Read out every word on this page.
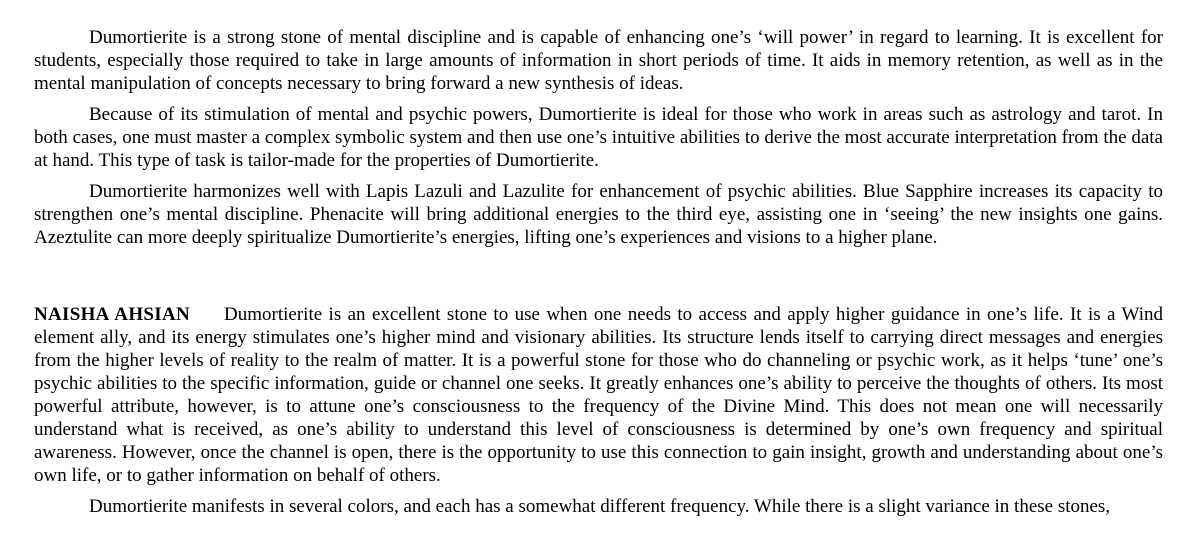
Dumortierite is a strong stone of mental discipline and is capable of enhancing one’s ‘will power’ in regard to learning. It is excellent for students, especially those required to take in large amounts of information in short periods of time. It aids in memory retention, as well as in the mental manipulation of concepts necessary to bring forward a new synthesis of ideas.

Because of its stimulation of mental and psychic powers, Dumortierite is ideal for those who work in areas such as astrology and tarot. In both cases, one must master a complex symbolic system and then use one’s intuitive abilities to derive the most accurate interpretation from the data at hand. This type of task is tailor-made for the properties of Dumortierite.

Dumortierite harmonizes well with Lapis Lazuli and Lazulite for enhancement of psychic abilities. Blue Sapphire increases its capacity to strengthen one’s mental discipline. Phenacite will bring additional energies to the third eye, assisting one in ‘seeing’ the new insights one gains. Azeztulite can more deeply spiritualize Dumortierite’s energies, lifting one’s experiences and visions to a higher plane.

NAISHA AHSIAN Dumortierite is an excellent stone to use when one needs to access and apply higher guidance in one’s life. It is a Wind element ally, and its energy stimulates one’s higher mind and visionary abilities. Its structure lends itself to carrying direct messages and energies from the higher levels of reality to the realm of matter. It is a powerful stone for those who do channeling or psychic work, as it helps ‘tune’ one’s psychic abilities to the specific information, guide or channel one seeks. It greatly enhances one’s ability to perceive the thoughts of others. Its most powerful attribute, however, is to attune one’s consciousness to the frequency of the Divine Mind. This does not mean one will necessarily understand what is received, as one’s ability to understand this level of consciousness is determined by one’s own frequency and spiritual awareness. However, once the channel is open, there is the opportunity to use this connection to gain insight, growth and understanding about one’s own life, or to gather information on behalf of others.

Dumortierite manifests in several colors, and each has a somewhat different frequency. While there is a slight variance in these stones,
